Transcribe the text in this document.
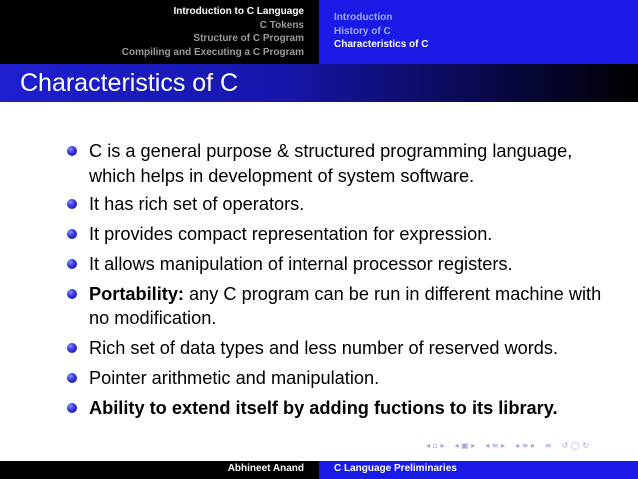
Introduction to C Language
C Tokens
Structure of C Program
Compiling and Executing a C Program
Introduction
History of C
Characteristics of C
Characteristics of C
C is a general purpose & structured programming language, which helps in development of system software.
It has rich set of operators.
It provides compact representation for expression.
It allows manipulation of internal processor registers.
Portability: any C program can be run in different machine with no modification.
Rich set of data types and less number of reserved words.
Pointer arithmetic and manipulation.
Ability to extend itself by adding fuctions to its library.
◂ ▫ ▸ ◂ ▣ ▸ ◂ ≡ ▸ ◂ ≡ ▸ ≡ ↺ ◯ ↻
Abhineet Anand	C Language Preliminaries
